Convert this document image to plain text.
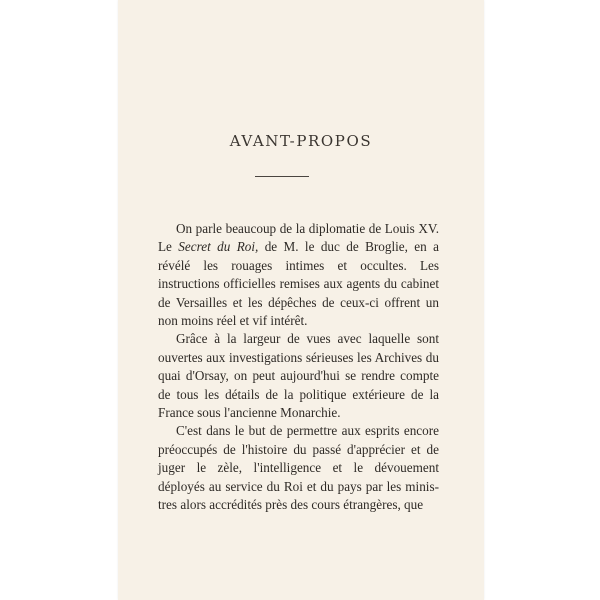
AVANT-PROPOS

On parle beaucoup de la diplomatie de Louis XV. Le Secret du Roi, de M. le duc de Broglie, en a révélé les rouages intimes et occultes. Les instructions officielles remises aux agents du cabinet de Versailles et les dépêches de ceux-ci offrent un non moins réel et vif intérêt.

Grâce à la largeur de vues avec laquelle sont ouvertes aux investigations sérieuses les Archives du quai d'Orsay, on peut aujourd'hui se rendre compte de tous les détails de la politique extérieure de la France sous l'ancienne Monarchie.

C'est dans le but de permettre aux esprits encore préoccupés de l'histoire du passé d'apprécier et de juger le zèle, l'intelligence et le dévouement déployés au service du Roi et du pays par les ministres alors accrédités près des cours étrangères, que
